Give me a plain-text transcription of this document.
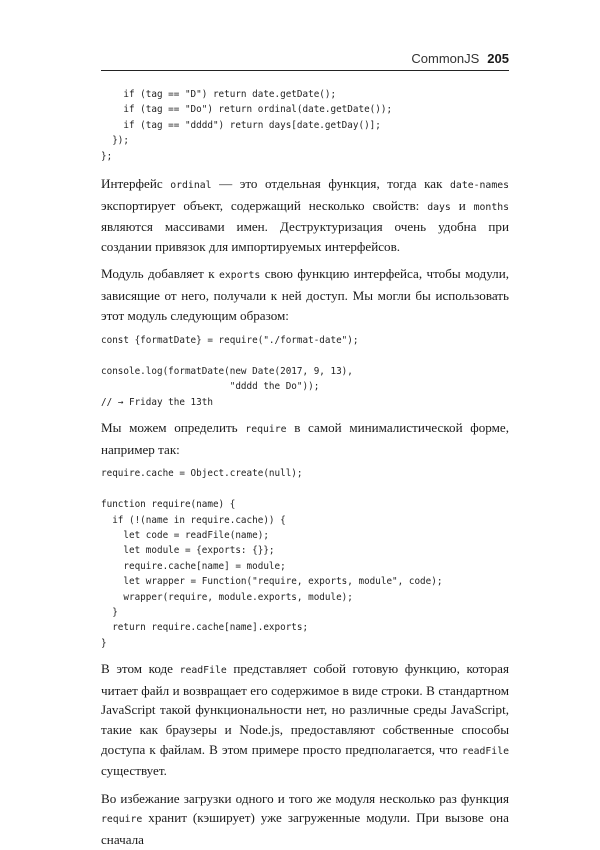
CommonJS 205
if (tag == "D") return date.getDate();
if (tag == "Do") return ordinal(date.getDate());
if (tag == "dddd") return days[date.getDay()];
});
};

Интерфейс ordinal — это отдельная функция, тогда как date-names экспортирует объект, содержащий несколько свойств: days и months являются массивами имен. Деструктуризация очень удобна при создании привязок для импортируемых интерфейсов.

Модуль добавляет к exports свою функцию интерфейса, чтобы модули, зависящие от него, получали к ней доступ. Мы могли бы использовать этот модуль следующим образом:

const {formatDate} = require("./format-date");

console.log(formatDate(new Date(2017, 9, 13),
"dddd the Do"));
// → Friday the 13th

Мы можем определить require в самой минималистической форме, например так:

require.cache = Object.create(null);

function require(name) {
if (!(name in require.cache)) {
let code = readFile(name);
let module = {exports: {}};
require.cache[name] = module;
let wrapper = Function("require, exports, module", code);
wrapper(require, module.exports, module);
}
return require.cache[name].exports;
}

В этом коде readFile представляет собой готовую функцию, которая читает файл и возвращает его содержимое в виде строки. В стандартном JavaScript такой функциональности нет, но различные среды JavaScript, такие как браузеры и Node.js, предоставляют собственные способы доступа к файлам. В этом примере просто предполагается, что readFile существует.

Во избежание загрузки одного и того же модуля несколько раз функция require хранит (кэширует) уже загруженные модули. При вызове она сначала
